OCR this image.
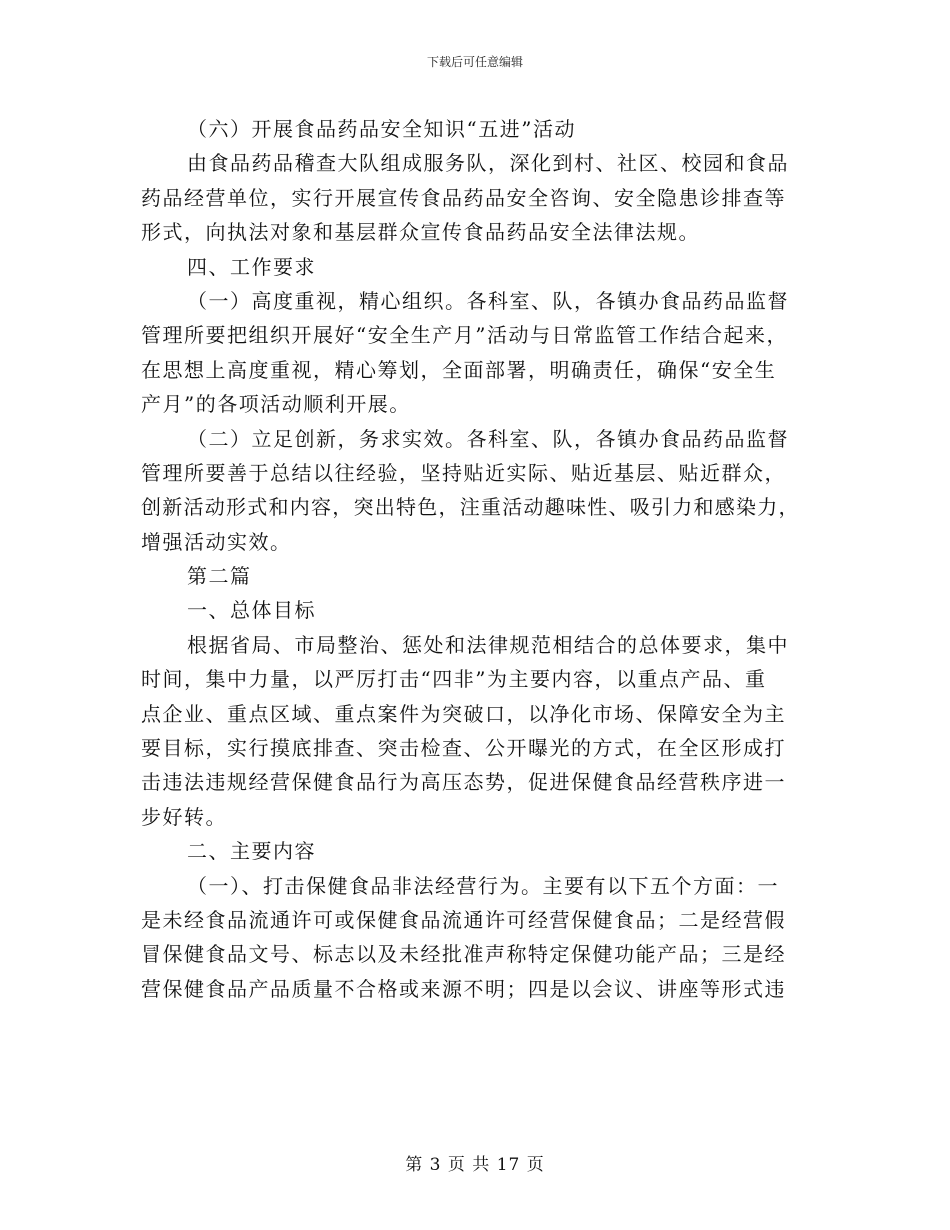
下载后可任意编辑
（六）开展食品药品安全知识“五进”活动
由食品药品稽查大队组成服务队，深化到村、社区、校园和食品
药品经营单位，实行开展宣传食品药品安全咨询、安全隐患诊排查等
形式，向执法对象和基层群众宣传食品药品安全法律法规。
四、工作要求
（一）高度重视，精心组织。各科室、队，各镇办食品药品监督
管理所要把组织开展好“安全生产月”活动与日常监管工作结合起来，
在思想上高度重视，精心筹划，全面部署，明确责任，确保“安全生
产月”的各项活动顺利开展。
（二）立足创新，务求实效。各科室、队，各镇办食品药品监督
管理所要善于总结以往经验，坚持贴近实际、贴近基层、贴近群众，
创新活动形式和内容，突出特色，注重活动趣味性、吸引力和感染力，
增强活动实效。
第二篇
一、总体目标
根据省局、市局整治、惩处和法律规范相结合的总体要求，集中
时间，集中力量，以严厉打击“四非”为主要内容，以重点产品、重
点企业、重点区域、重点案件为突破口，以净化市场、保障安全为主
要目标，实行摸底排查、突击检查、公开曝光的方式，在全区形成打
击违法违规经营保健食品行为高压态势，促进保健食品经营秩序进一
步好转。
二、主要内容
（一）、打击保健食品非法经营行为。主要有以下五个方面：一
是未经食品流通许可或保健食品流通许可经营保健食品；二是经营假
冒保健食品文号、标志以及未经批准声称特定保健功能产品；三是经
营保健食品产品质量不合格或来源不明；四是以会议、讲座等形式违
第 3 页 共 17 页
